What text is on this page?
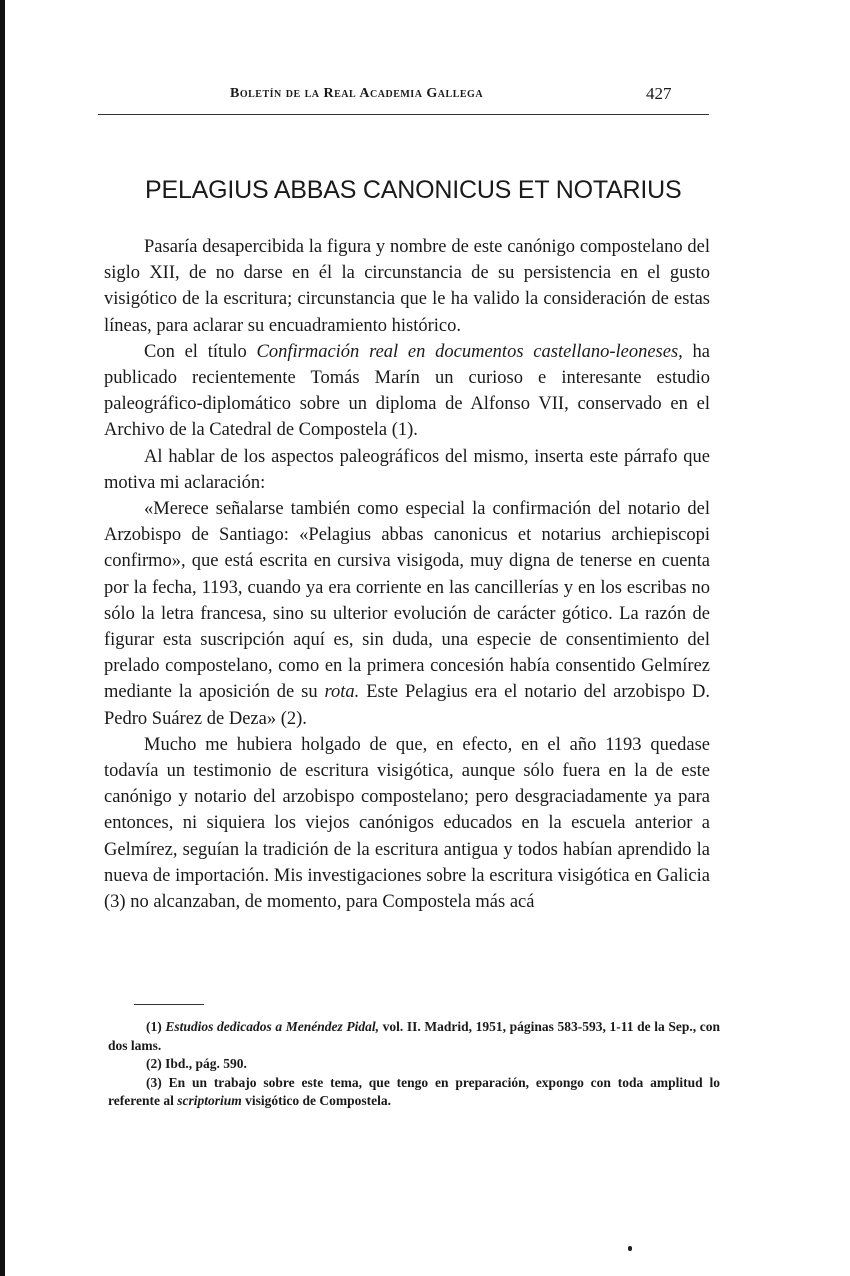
Boletín de la Real Academia Gallega	427
PELAGIUS ABBAS CANONICUS ET NOTARIUS

Pasaría desapercibida la figura y nombre de este canónigo compostelano del siglo XII, de no darse en él la circunstancia de su persistencia en el gusto visigótico de la escritura; circunstancia que le ha valido la consideración de estas líneas, para aclarar su encuadramiento histórico.

Con el título Confirmación real en documentos castellano-leoneses, ha publicado recientemente Tomás Marín un curioso e interesante estudio paleográfico-diplomático sobre un diploma de Alfonso VII, conservado en el Archivo de la Catedral de Compostela (1).

Al hablar de los aspectos paleográficos del mismo, inserta este párrafo que motiva mi aclaración:

«Merece señalarse también como especial la confirmación del notario del Arzobispo de Santiago: «Pelagius abbas canonicus et notarius archiepiscopi confirmo», que está escrita en cursiva visigoda, muy digna de tenerse en cuenta por la fecha, 1193, cuando ya era corriente en las cancillerías y en los escribas no sólo la letra francesa, sino su ulterior evolución de carácter gótico. La razón de figurar esta suscripción aquí es, sin duda, una especie de consentimiento del prelado compostelano, como en la primera concesión había consentido Gelmírez mediante la aposición de su rota. Este Pelagius era el notario del arzobispo D. Pedro Suárez de Deza» (2).

Mucho me hubiera holgado de que, en efecto, en el año 1193 quedase todavía un testimonio de escritura visigótica, aunque sólo fuera en la de este canónigo y notario del arzobispo compostelano; pero desgraciadamente ya para entonces, ni siquiera los viejos canónigos educados en la escuela anterior a Gelmírez, seguían la tradición de la escritura antigua y todos habían aprendido la nueva de importación. Mis investigaciones sobre la escritura visigótica en Galicia (3) no alcanzaban, de momento, para Compostela más acá

(1) Estudios dedicados a Menéndez Pidal, vol. II. Madrid, 1951, páginas 583-593, 1-11 de la Sep., con dos lams.

(2) Ibd., pág. 590.

(3) En un trabajo sobre este tema, que tengo en preparación, expongo con toda amplitud lo referente al scriptorium visigótico de Compostela.
